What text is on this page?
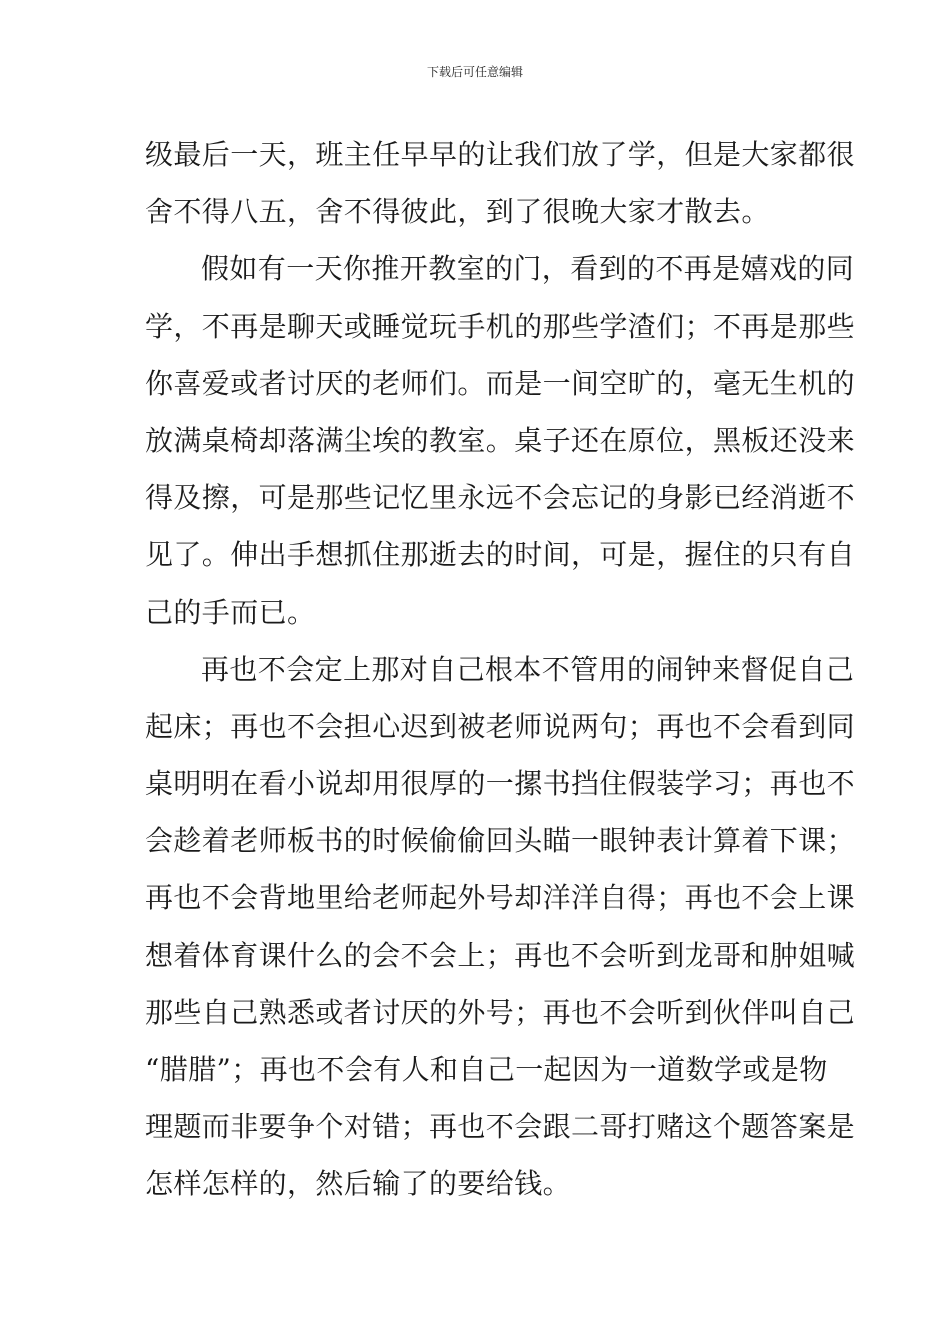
下载后可任意编辑
级最后一天，班主任早早的让我们放了学，但是大家都很
舍不得八五，舍不得彼此，到了很晚大家才散去。
假如有一天你推开教室的门，看到的不再是嬉戏的同
学，不再是聊天或睡觉玩手机的那些学渣们；不再是那些
你喜爱或者讨厌的老师们。而是一间空旷的，毫无生机的
放满桌椅却落满尘埃的教室。桌子还在原位，黑板还没来
得及擦，可是那些记忆里永远不会忘记的身影已经消逝不
见了。伸出手想抓住那逝去的时间，可是，握住的只有自
己的手而已。
再也不会定上那对自己根本不管用的闹钟来督促自己
起床；再也不会担心迟到被老师说两句；再也不会看到同
桌明明在看小说却用很厚的一摞书挡住假装学习；再也不
会趁着老师板书的时候偷偷回头瞄一眼钟表计算着下课；
再也不会背地里给老师起外号却洋洋自得；再也不会上课
想着体育课什么的会不会上；再也不会听到龙哥和肿姐喊
那些自己熟悉或者讨厌的外号；再也不会听到伙伴叫自己
“腊腊”；再也不会有人和自己一起因为一道数学或是物
理题而非要争个对错；再也不会跟二哥打赌这个题答案是
怎样怎样的，然后输了的要给钱。
